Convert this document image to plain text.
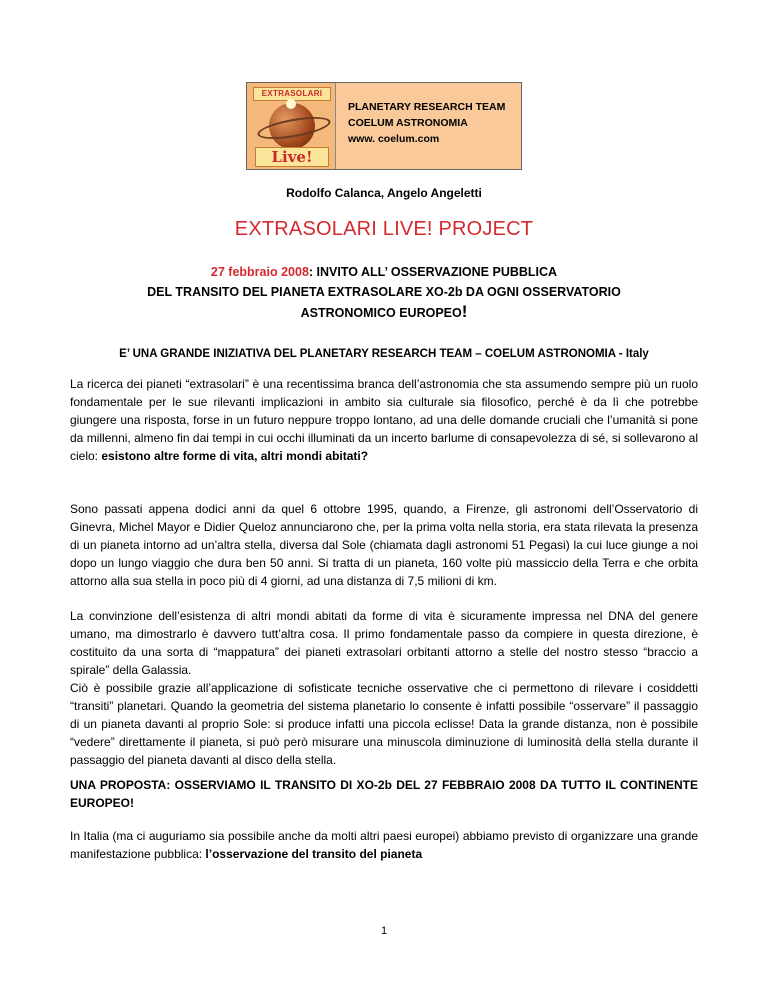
EXTRASOLARI
Live!
PLANETARY RESEARCH TEAM
COELUM ASTRONOMIA
www. coelum.com
Rodolfo Calanca, Angelo Angeletti
EXTRASOLARI LIVE! PROJECT
27 febbraio 2008: INVITO ALL’ OSSERVAZIONE PUBBLICA
DEL TRANSITO DEL PIANETA EXTRASOLARE XO-2b DA OGNI OSSERVATORIO
ASTRONOMICO EUROPEO!
E’ UNA GRANDE INIZIATIVA DEL PLANETARY RESEARCH TEAM – COELUM ASTRONOMIA - Italy
La ricerca dei pianeti “extrasolari” è una recentissima branca dell’astronomia che sta assumendo sempre più un ruolo fondamentale per le sue rilevanti implicazioni in ambito sia culturale sia filosofico, perché è da lì che potrebbe giungere una risposta, forse in un futuro neppure troppo lontano, ad una delle domande cruciali che l’umanità si pone da millenni, almeno fin dai tempi in cui occhi illuminati da un incerto barlume di consapevolezza di sé, si sollevarono al cielo: esistono altre forme di vita, altri mondi abitati?
Sono passati appena dodici anni da quel 6 ottobre 1995, quando, a Firenze, gli astronomi dell’Osservatorio di Ginevra, Michel Mayor e Didier Queloz annunciarono che, per la prima volta nella storia, era stata rilevata la presenza di un pianeta intorno ad un’altra stella, diversa dal Sole (chiamata dagli astronomi 51 Pegasi) la cui luce giunge a noi dopo un lungo viaggio che dura ben 50 anni. Si tratta di un pianeta, 160 volte più massiccio della Terra e che orbita attorno alla sua stella in poco più di 4 giorni, ad una distanza di 7,5 milioni di km.
La convinzione dell’esistenza di altri mondi abitati da forme di vita è sicuramente impressa nel DNA del genere umano, ma dimostrarlo è davvero tutt’altra cosa. Il primo fondamentale passo da compiere in questa direzione, è costituito da una sorta di “mappatura” dei pianeti extrasolari orbitanti attorno a stelle del nostro stesso “braccio a spirale” della Galassia.
Ciò è possibile grazie all’applicazione di sofisticate tecniche osservative che ci permettono di rilevare i cosiddetti “transiti” planetari. Quando la geometria del sistema planetario lo consente è infatti possibile “osservare” il passaggio di un pianeta davanti al proprio Sole: si produce infatti una piccola eclisse! Data la grande distanza, non è possibile “vedere” direttamente il pianeta, si può però misurare una minuscola diminuzione di luminosità della stella durante il passaggio del pianeta davanti al disco della stella.
UNA PROPOSTA: OSSERVIAMO IL TRANSITO DI XO-2b DEL 27 FEBBRAIO 2008 DA TUTTO IL CONTINENTE EUROPEO!
In Italia (ma ci auguriamo sia possibile anche da molti altri paesi europei) abbiamo previsto di organizzare una grande manifestazione pubblica: l’osservazione del transito del pianeta
1
